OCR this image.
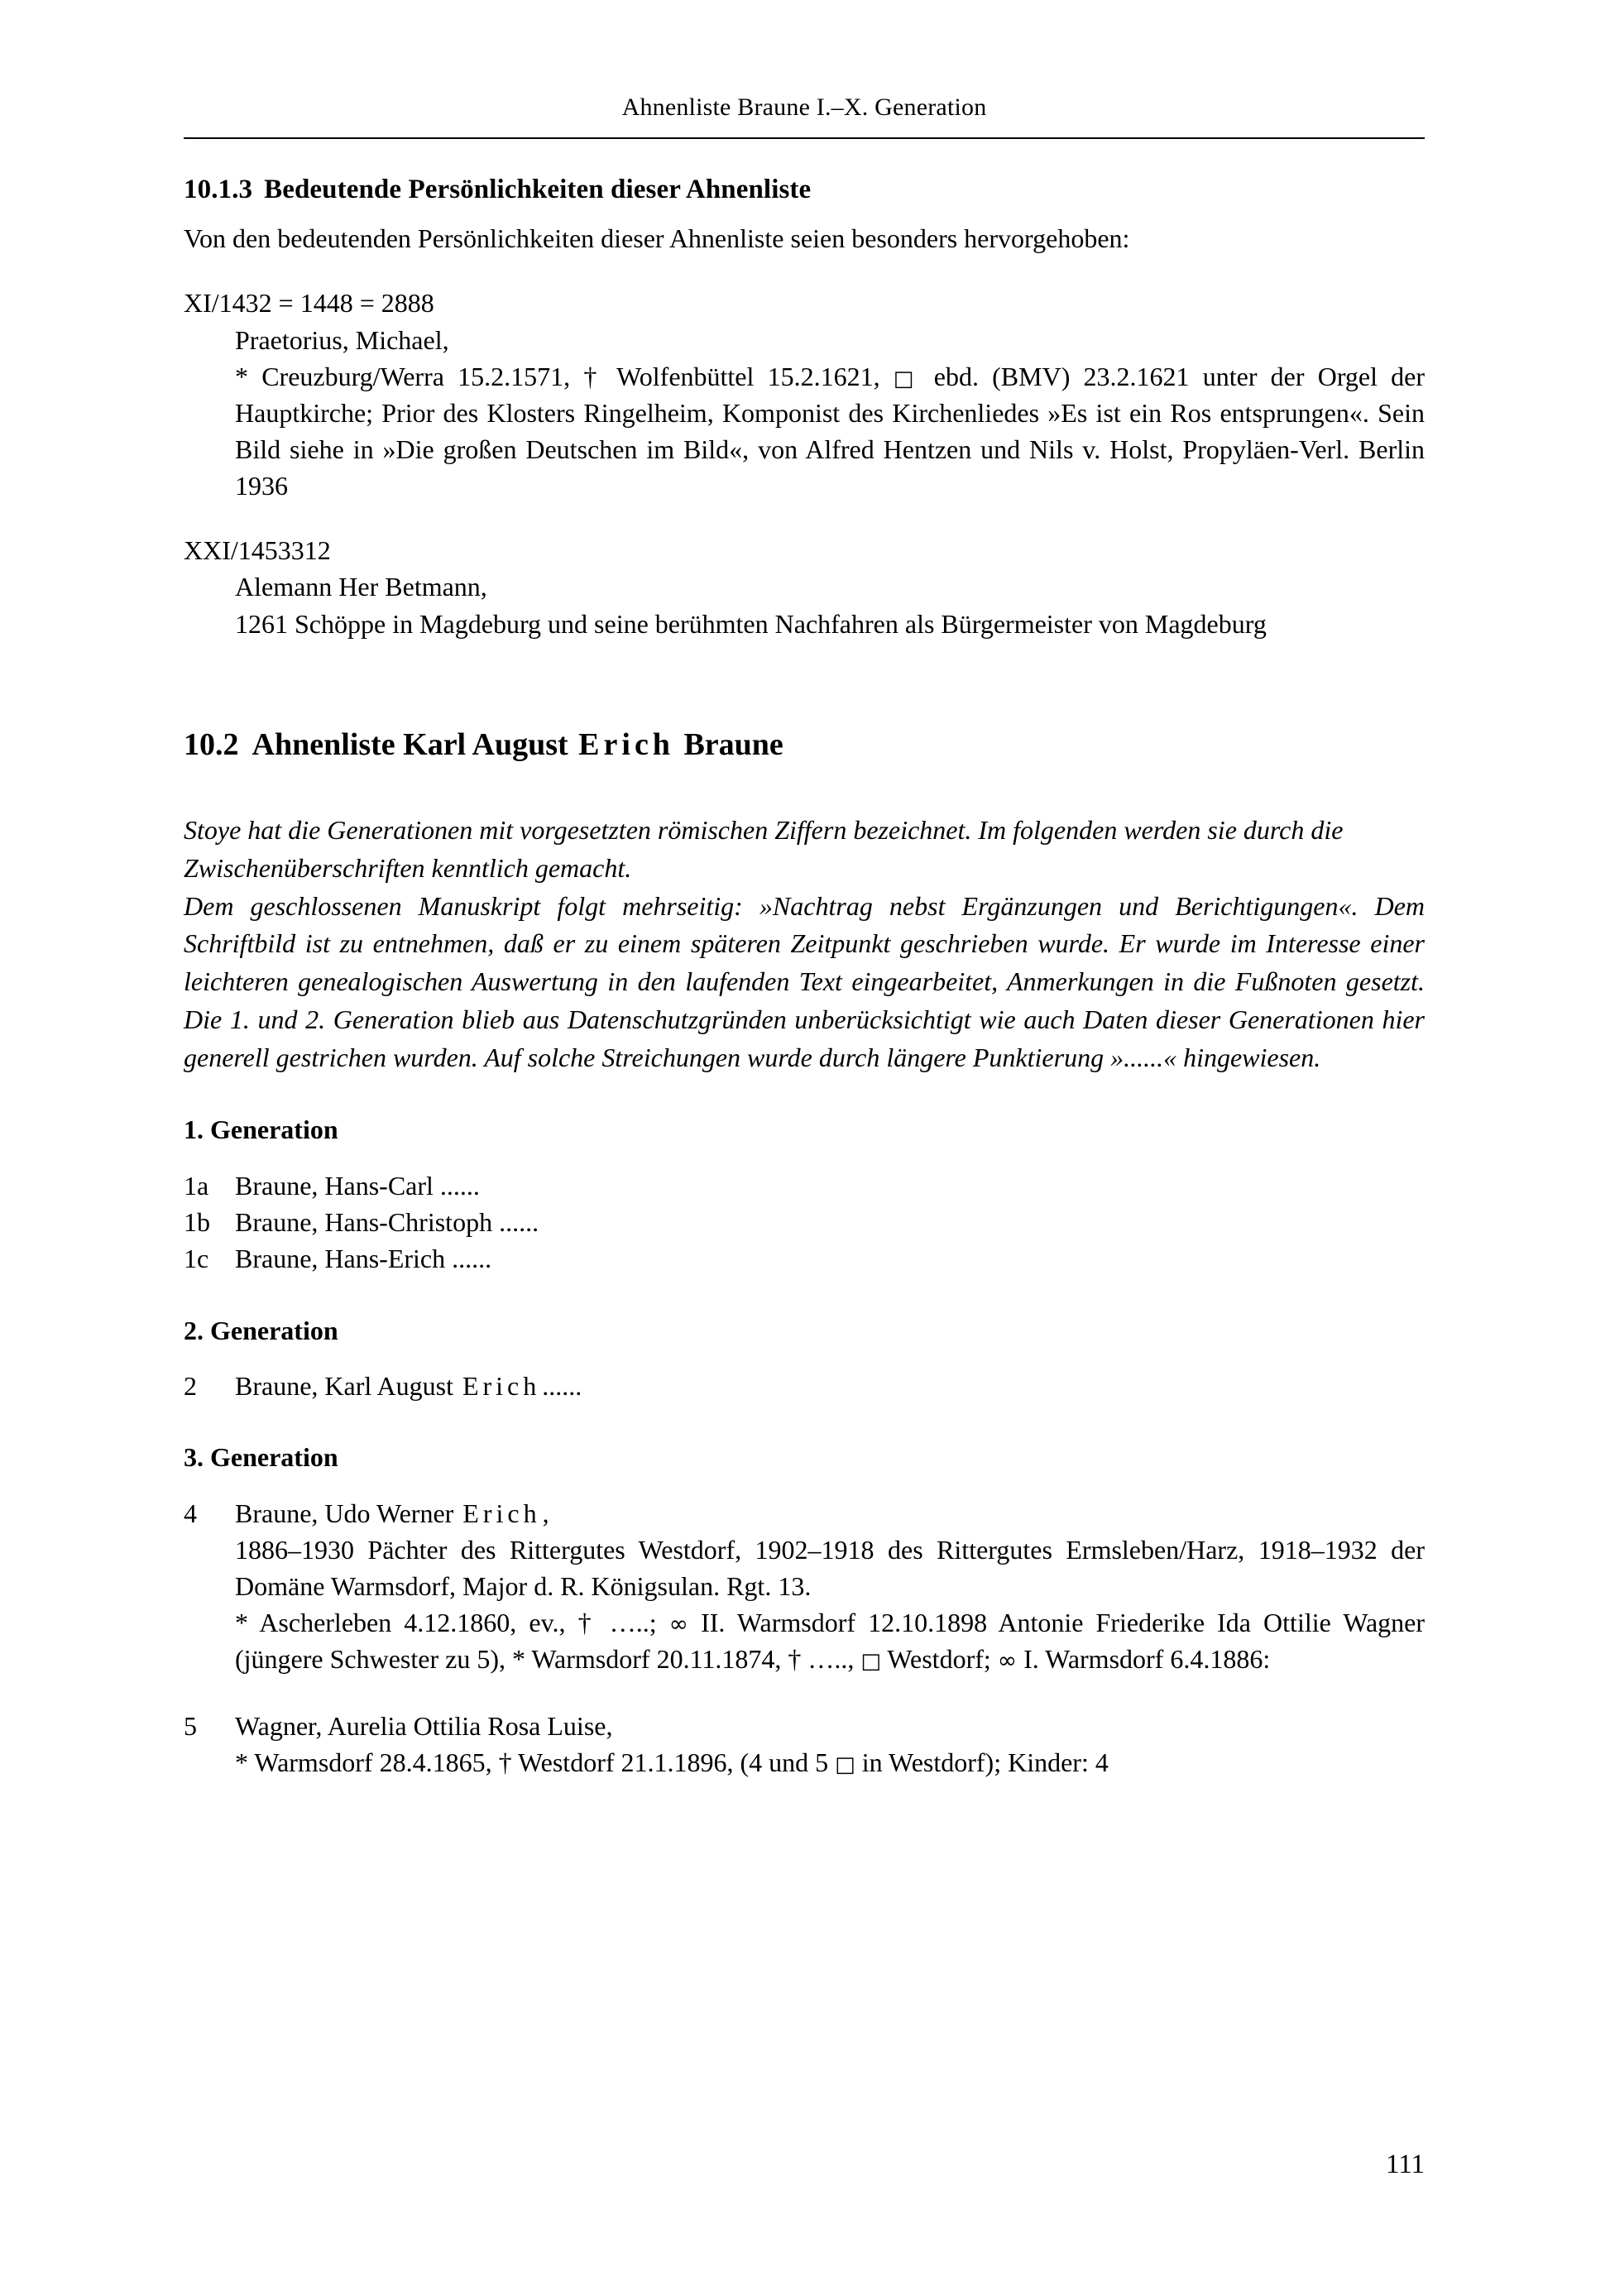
Ahnenliste Braune I.–X. Generation
10.1.3 Bedeutende Persönlichkeiten dieser Ahnenliste

Von den bedeutenden Persönlichkeiten dieser Ahnenliste seien besonders hervorgehoben:

XI/1432 = 1448 = 2888
Praetorius, Michael,
* Creuzburg/Werra 15.2.1571, † Wolfenbüttel 15.2.1621, □ ebd. (BMV) 23.2.1621 unter der Orgel der Hauptkirche; Prior des Klosters Ringelheim, Komponist des Kirchenliedes »Es ist ein Ros entsprungen«. Sein Bild siehe in »Die großen Deutschen im Bild«, von Alfred Hentzen und Nils v. Holst, Propyläen-Verl. Berlin 1936
XXI/1453312
Alemann Her Betmann,
1261 Schöppe in Magdeburg und seine berühmten Nachfahren als Bürgermeister von Magdeburg
10.2 Ahnenliste Karl August Erich Braune

Stoye hat die Generationen mit vorgesetzten römischen Ziffern bezeichnet. Im folgenden werden sie durch die Zwischenüberschriften kenntlich gemacht.

Dem geschlossenen Manuskript folgt mehrseitig: »Nachtrag nebst Ergänzungen und Berichtigungen«. Dem Schriftbild ist zu entnehmen, daß er zu einem späteren Zeitpunkt geschrieben wurde. Er wurde im Interesse einer leichteren genealogischen Auswertung in den laufenden Text eingearbeitet, Anmerkungen in die Fußnoten gesetzt. Die 1. und 2. Generation blieb aus Datenschutzgründen unberücksichtigt wie auch Daten dieser Generationen hier generell gestrichen wurden. Auf solche Streichungen wurde durch längere Punktierung »......« hingewiesen.

1. Generation
1a Braune, Hans-Carl ......
1b Braune, Hans-Christoph ......
1c Braune, Hans-Erich ......
2. Generation
2	Braune, Karl August Erich......
3. Generation
4	Braune, Udo Werner Erich,
1886–1930 Pächter des Rittergutes Westdorf, 1902–1918 des Rittergutes Ermsleben/Harz, 1918–1932 der Domäne Warmsdorf, Major d. R. Königsulan. Rgt. 13.
* Ascherleben 4.12.1860, ev., † …..; ∞ II. Warmsdorf 12.10.1898 Antonie Friederike Ida Ottilie Wagner (jüngere Schwester zu 5), * Warmsdorf 20.11.1874, † ….., □ Westdorf; ∞ I. Warmsdorf 6.4.1886:
5	Wagner, Aurelia Ottilia Rosa Luise,
* Warmsdorf 28.4.1865, † Westdorf 21.1.1896, (4 und 5 □ in Westdorf); Kinder: 4
111
